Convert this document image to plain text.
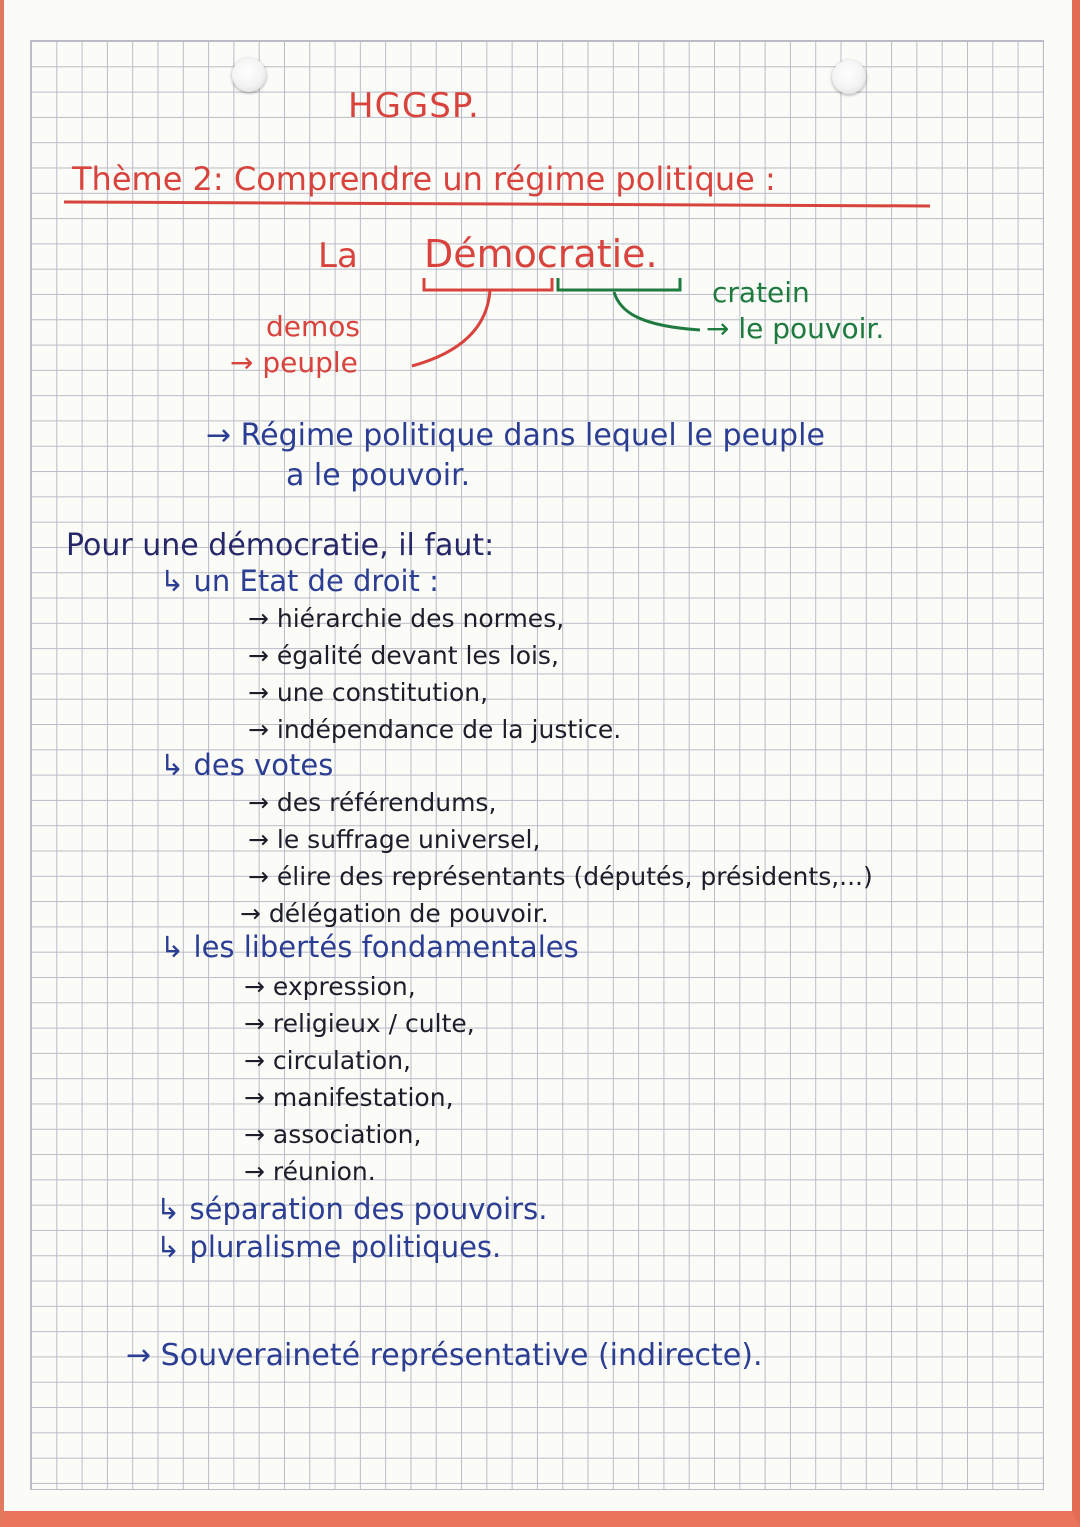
HGGSP.
Thème 2: Comprendre un régime politique :
La Démocratie.
demos
→ peuple
cratein
→ le pouvoir.
→ Régime politique dans lequel le peuple
a le pouvoir.
Pour une démocratie, il faut:
↳ un Etat de droit :
→ hiérarchie des normes,
→ égalité devant les lois,
→ une constitution,
→ indépendance de la justice.
↳ des votes
→ des référendums,
→ le suffrage universel,
→ élire des représentants (députés, présidents,...)
→ délégation de pouvoir.
↳ les libertés fondamentales
→ expression,
→ religieux / culte,
→ circulation,
→ manifestation,
→ association,
→ réunion.
↳ séparation des pouvoirs.
↳ pluralisme politiques.
→ Souveraineté représentative (indirecte).
